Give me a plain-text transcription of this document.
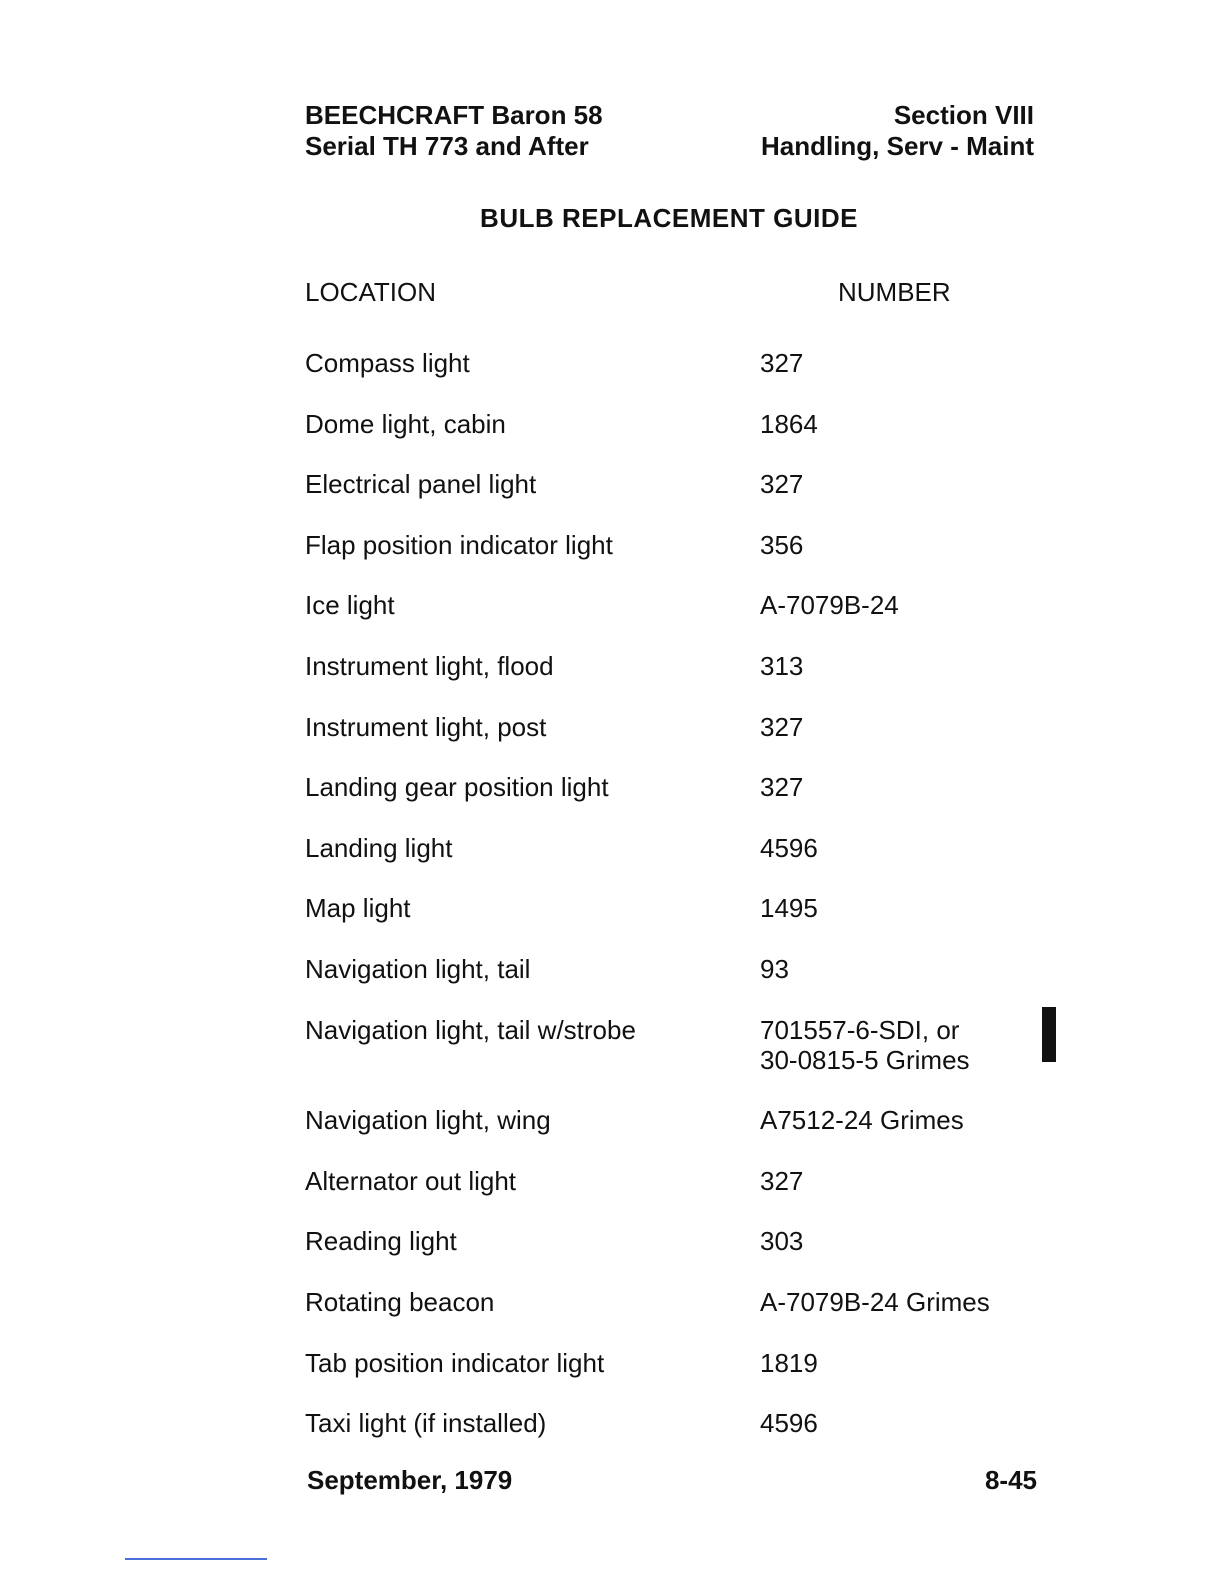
BEECHCRAFT Baron 58
Serial TH 773 and After
Section VIII
Handling, Serv - Maint
BULB REPLACEMENT GUIDE
LOCATION	NUMBER
Compass light	327
Dome light, cabin	1864
Electrical panel light	327
Flap position indicator light	356
Ice light	A-7079B-24
Instrument light, flood	313
Instrument light, post	327
Landing gear position light	327
Landing light	4596
Map light	1495
Navigation light, tail	93
Navigation light, tail w/strobe	701557-6-SDI, or
30-0815-5 Grimes
Navigation light, wing	A7512-24 Grimes
Alternator out light	327
Reading light	303
Rotating beacon	A-7079B-24 Grimes
Tab position indicator light	1819
Taxi light (if installed)	4596
September, 1979	8-45
